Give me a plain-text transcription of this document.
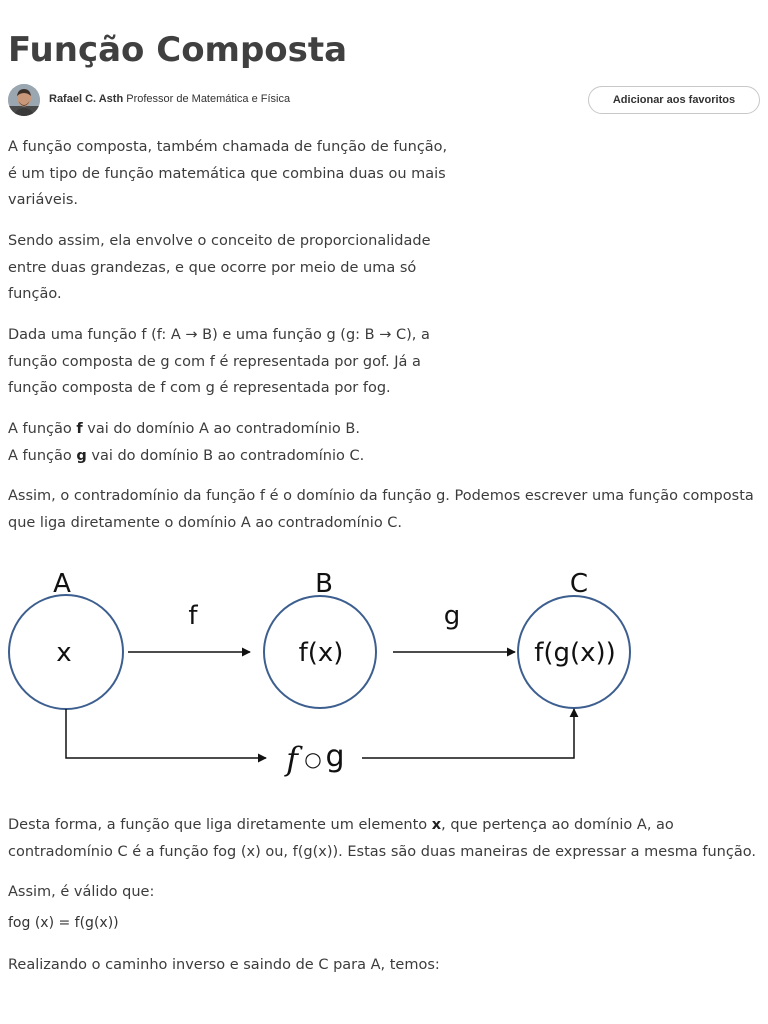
Função Composta
Rafael C. Asth Professor de Matemática e Física	Adicionar aos favoritos

A função composta, também chamada de função de função, é um tipo de função matemática que combina duas ou mais variáveis.

Sendo assim, ela envolve o conceito de proporcionalidade entre duas grandezas, e que ocorre por meio de uma só função.

Dada uma função f (f: A → B) e uma função g (g: B → C), a função composta de g com f é representada por gof. Já a função composta de f com g é representada por fog.

A função f vai do domínio A ao contradomínio B.
A função g vai do domínio B ao contradomínio C.

Assim, o contradomínio da função f é o domínio da função g. Podemos escrever uma função composta que liga diretamente o domínio A ao contradomínio C.

A	B	C
x	f(x)	f(g(x))
f	g
f ○ g
Desta forma, a função que liga diretamente um elemento x, que pertença ao domínio A, ao contradomínio C é a função fog (x) ou, f(g(x)). Estas são duas maneiras de expressar a mesma função.

Assim, é válido que:

fog (x) = f(g(x))

Realizando o caminho inverso e saindo de C para A, temos:
